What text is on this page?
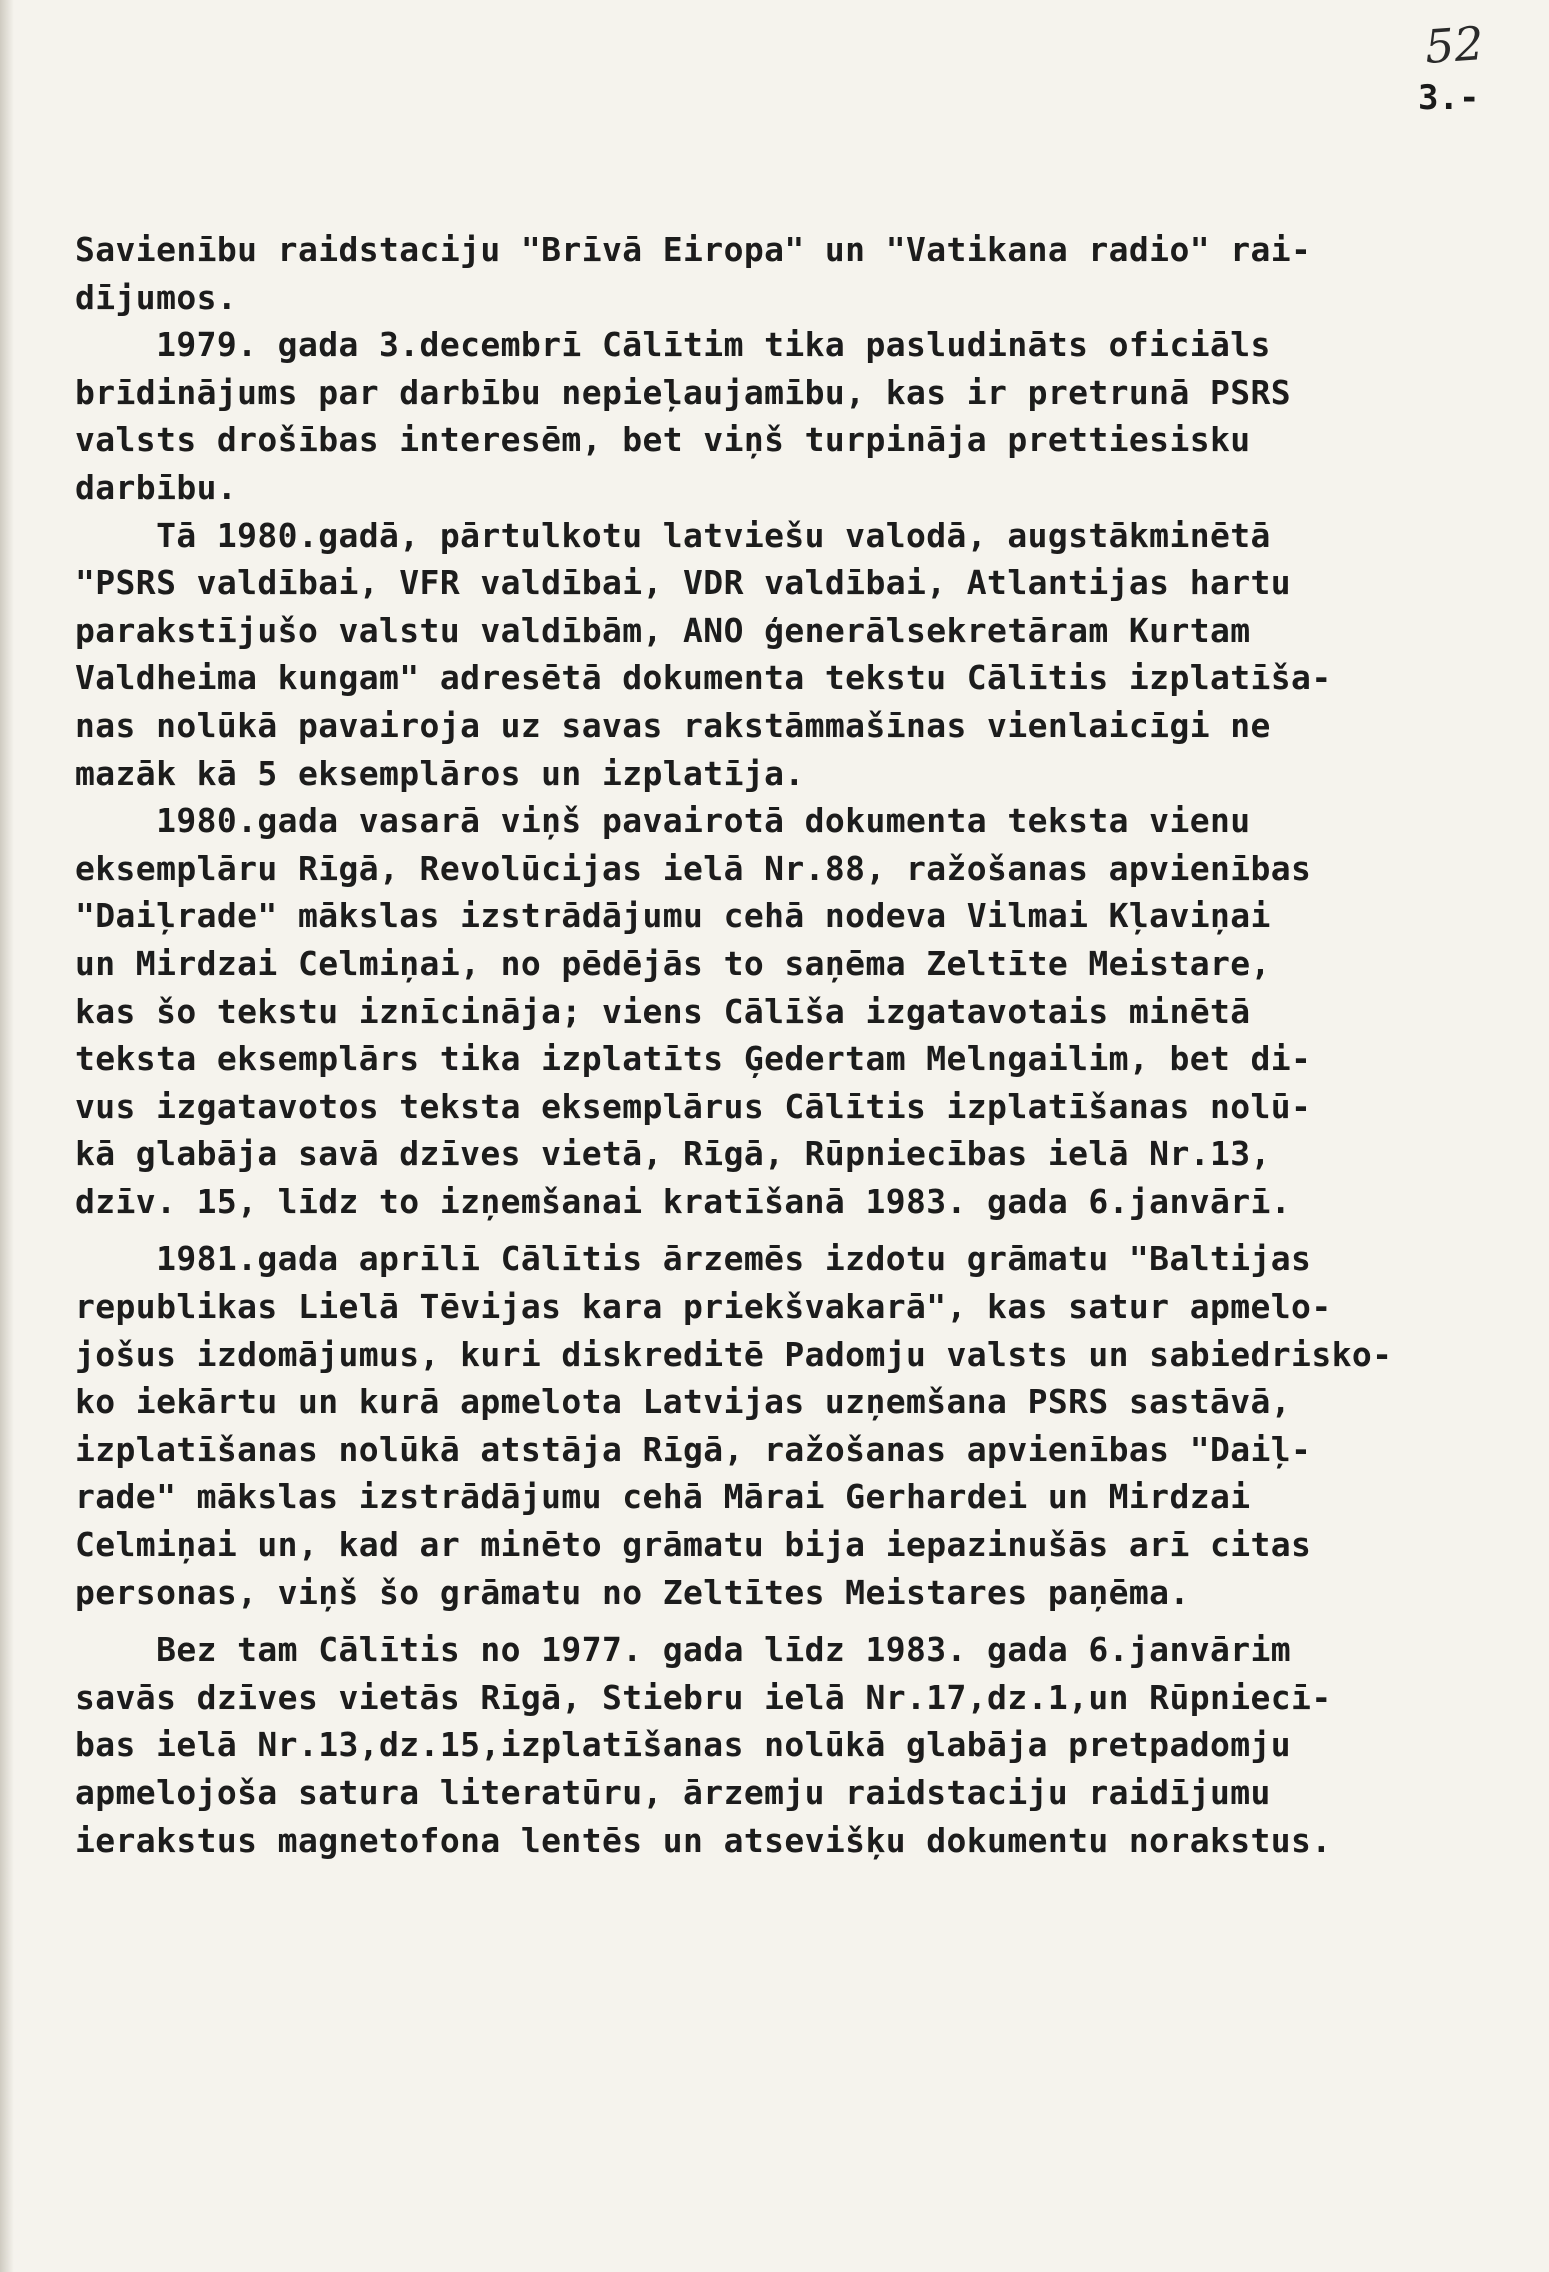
52
3.-
Savienību raidstaciju "Brīvā Eiropa" un "Vatikana radio" rai-
dījumos.
1979. gada 3.decembrī Cālītim tika pasludināts oficiāls
brīdinājums par darbību nepieļaujamību, kas ir pretrunā PSRS
valsts drošības interesēm, bet viņš turpināja prettiesisku
darbību.
Tā 1980.gadā, pārtulkotu latviešu valodā, augstākminētā
"PSRS valdībai, VFR valdībai, VDR valdībai, Atlantijas hartu
parakstījušo valstu valdībām, ANO ģenerālsekretāram Kurtam
Valdheima kungam" adresētā dokumenta tekstu Cālītis izplatīša-
nas nolūkā pavairoja uz savas rakstāmmašīnas vienlaicīgi ne
mazāk kā 5 eksemplāros un izplatīja.
1980.gada vasarā viņš pavairotā dokumenta teksta vienu
eksemplāru Rīgā, Revolūcijas ielā Nr.88, ražošanas apvienības
"Daiļrade" mākslas izstrādājumu cehā nodeva Vilmai Kļaviņai
un Mirdzai Celmiņai, no pēdējās to saņēma Zeltīte Meistare,
kas šo tekstu iznīcināja; viens Cālīša izgatavotais minētā
teksta eksemplārs tika izplatīts Ģedertam Melngailim, bet di-
vus izgatavotos teksta eksemplārus Cālītis izplatīšanas nolū-
kā glabāja savā dzīves vietā, Rīgā, Rūpniecības ielā Nr.13,
dzīv. 15, līdz to izņemšanai kratīšanā 1983. gada 6.janvārī.
1981.gada aprīlī Cālītis ārzemēs izdotu grāmatu "Baltijas
republikas Lielā Tēvijas kara priekšvakarā", kas satur apmelo-
jošus izdomājumus, kuri diskreditē Padomju valsts un sabiedrisko-
ko iekārtu un kurā apmelota Latvijas uzņemšana PSRS sastāvā,
izplatīšanas nolūkā atstāja Rīgā, ražošanas apvienības "Daiļ-
rade" mākslas izstrādājumu cehā Mārai Gerhardei un Mirdzai
Celmiņai un, kad ar minēto grāmatu bija iepazinušās arī citas
personas, viņš šo grāmatu no Zeltītes Meistares paņēma.
Bez tam Cālītis no 1977. gada līdz 1983. gada 6.janvārim
savās dzīves vietās Rīgā, Stiebru ielā Nr.17,dz.1,un Rūpniecī-
bas ielā Nr.13,dz.15,izplatīšanas nolūkā glabāja pretpadomju
apmelojoša satura literatūru, ārzemju raidstaciju raidījumu
ierakstus magnetofona lentēs un atsevišķu dokumentu norakstus.
